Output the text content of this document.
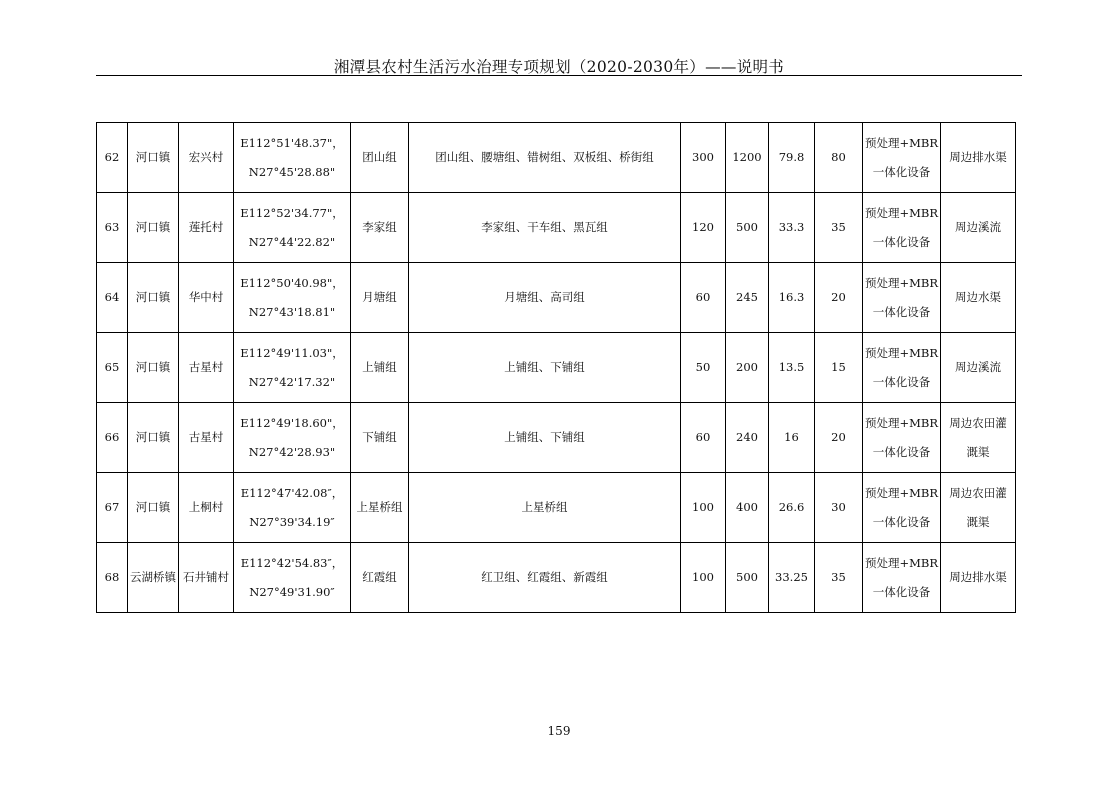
湘潭县农村生活污水治理专项规划（2020-2030年）——说明书
62	河口镇	宏兴村	E112°51'48.37"，
N27°45'28.88"	团山组	团山组、腰塘组、错树组、双板组、桥街组	300	1200	79.8	80	预处理+MBR
一体化设备	周边排水渠

63	河口镇	莲托村	E112°52'34.77"，
N27°44'22.82"	李家组	李家组、干车组、黑瓦组	120	500	33.3	35	预处理+MBR
一体化设备	周边溪流

64	河口镇	华中村	E112°50'40.98"，
N27°43'18.81"	月塘组	月塘组、高司组	60	245	16.3	20	预处理+MBR
一体化设备	周边水渠

65	河口镇	古星村	E112°49'11.03"，
N27°42'17.32"	上铺组	上铺组、下铺组	50	200	13.5	15	预处理+MBR
一体化设备	周边溪流

66	河口镇	古星村	E112°49'18.60"，
N27°42'28.93"	下铺组	上铺组、下铺组	60	240	16	20	预处理+MBR
一体化设备	周边农田灌
溉渠

67	河口镇	上桐村	E112°47'42.08″，
N27°39'34.19″	上星桥组	上星桥组	100	400	26.6	30	预处理+MBR
一体化设备	周边农田灌
溉渠

68	云湖桥镇	石井铺村	E112°42'54.83″，
N27°49'31.90″	红霞组	红卫组、红霞组、新霞组	100	500	33.25	35	预处理+MBR
一体化设备	周边排水渠
159
